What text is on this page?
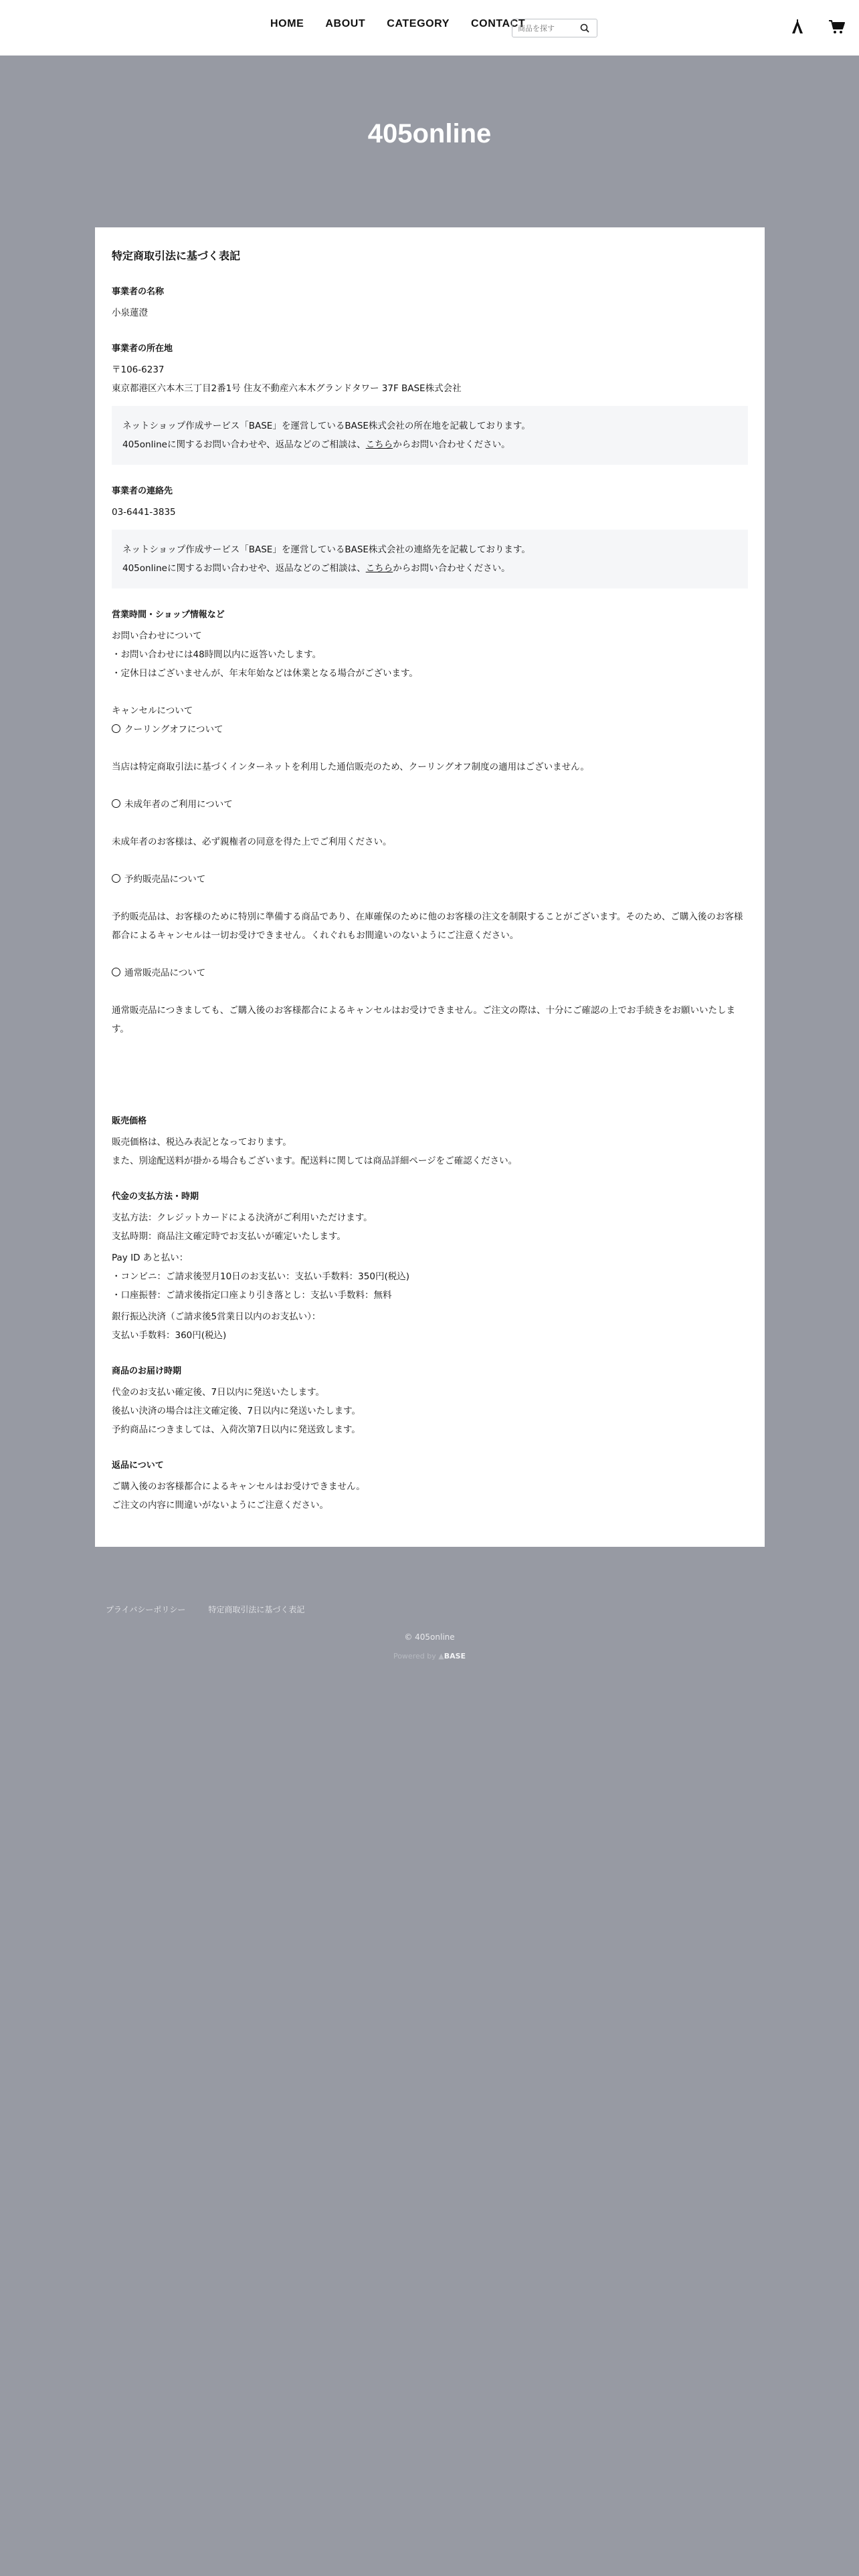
HOME ABOUT CATEGORY CONTACT
商品を探す
405online
特定商取引法に基づく表記
事業者の名称
小泉蓮澄
事業者の所在地
〒106-6237
東京都港区六本木三丁目2番1号 住友不動産六本木グランドタワー 37F BASE株式会社
ネットショップ作成サービス「BASE」を運営しているBASE株式会社の所在地を記載しております。
405onlineに関するお問い合わせや、返品などのご相談は、こちらからお問い合わせください。
事業者の連絡先
03-6441-3835
ネットショップ作成サービス「BASE」を運営しているBASE株式会社の連絡先を記載しております。
405onlineに関するお問い合わせや、返品などのご相談は、こちらからお問い合わせください。
営業時間・ショップ情報など
お問い合わせについて
・お問い合わせには48時間以内に返答いたします。
・定休日はございませんが、年末年始などは休業となる場合がございます。
キャンセルについて
クーリングオフについて
当店は特定商取引法に基づくインターネットを利用した通信販売のため、クーリングオフ制度の適用はございません。
未成年者のご利用について
未成年者のお客様は、必ず親権者の同意を得た上でご利用ください。
予約販売品について
予約販売品は、お客様のために特別に準備する商品であり、在庫確保のために他のお客様の注文を制限することがございます。そのため、ご購入後のお客様都合によるキャンセルは一切お受けできません。くれぐれもお間違いのないようにご注意ください。
通常販売品について
通常販売品につきましても、ご購入後のお客様都合によるキャンセルはお受けできません。ご注文の際は、十分にご確認の上でお手続きをお願いいたします。
販売価格
販売価格は、税込み表記となっております。
また、別途配送料が掛かる場合もございます。配送料に関しては商品詳細ページをご確認ください。
代金の支払方法・時期
支払方法：クレジットカードによる決済がご利用いただけます。
支払時期：商品注文確定時でお支払いが確定いたします。
Pay ID あと払い：
・コンビニ：ご請求後翌月10日のお支払い：支払い手数料：350円(税込)
・口座振替：ご請求後指定口座より引き落とし：支払い手数料：無料
銀行振込決済（ご請求後5営業日以内のお支払い）：
支払い手数料：360円(税込)
商品のお届け時期
代金のお支払い確定後、7日以内に発送いたします。
後払い決済の場合は注文確定後、7日以内に発送いたします。
予約商品につきましては、入荷次第7日以内に発送致します。
返品について
ご購入後のお客様都合によるキャンセルはお受けできません。
ご注文の内容に間違いがないようにご注意ください。
プライバシーポリシー	特定商取引法に基づく表記
© 405online
Powered by ▲BASE
